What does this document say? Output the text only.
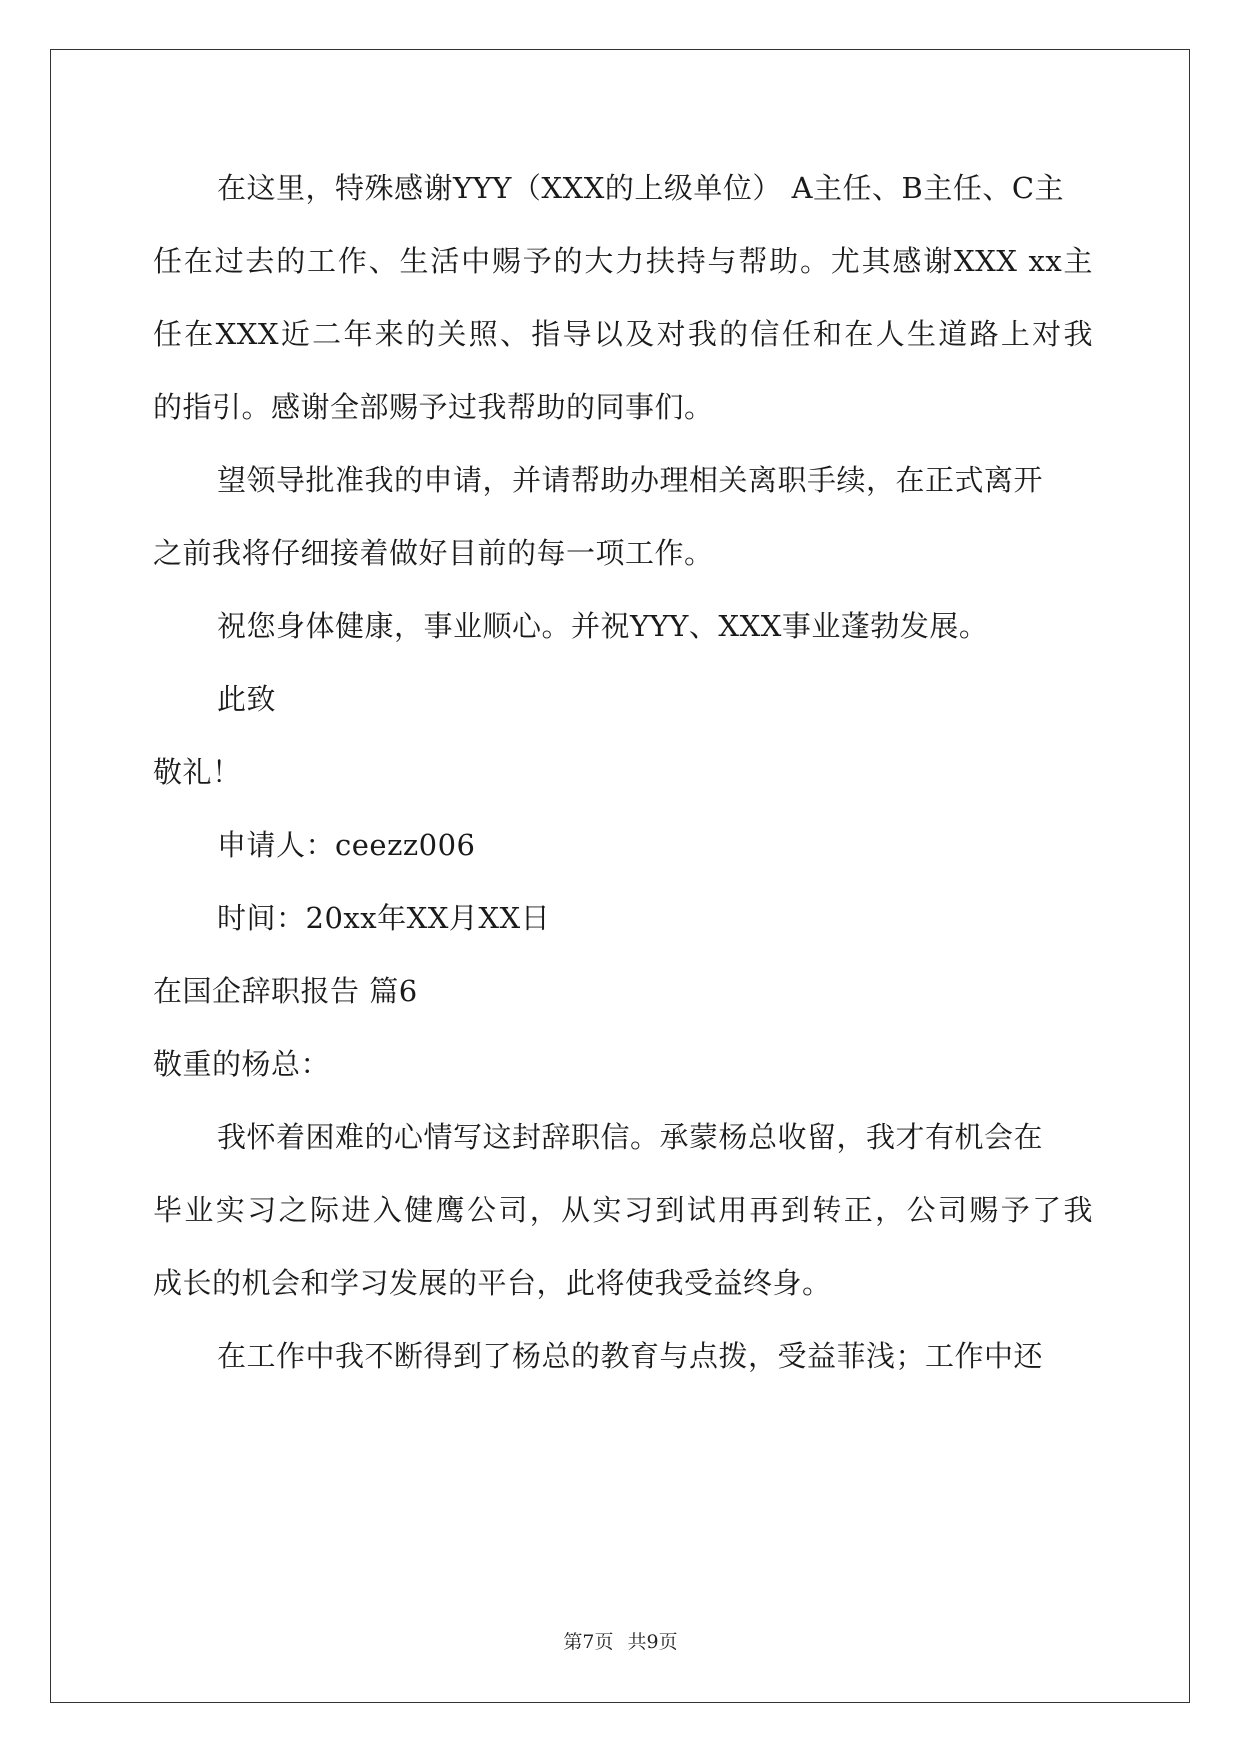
在这里，特殊感谢YYY（XXX的上级单位） A主任、B主任、C主
任在过去的工作、生活中赐予的大力扶持与帮助。尤其感谢XXX xx主
任在XXX近二年来的关照、指导以及对我的信任和在人生道路上对我
的指引。感谢全部赐予过我帮助的同事们。
望领导批准我的申请，并请帮助办理相关离职手续，在正式离开
之前我将仔细接着做好目前的每一项工作。
祝您身体健康，事业顺心。并祝YYY、XXX事业蓬勃发展。
此致
敬礼！
申请人：ceezz006
时间：20xx年XX月XX日
在国企辞职报告 篇6
敬重的杨总：
我怀着困难的心情写这封辞职信。承蒙杨总收留，我才有机会在
毕业实习之际进入健鹰公司，从实习到试用再到转正，公司赐予了我
成长的机会和学习发展的平台，此将使我受益终身。
在工作中我不断得到了杨总的教育与点拨，受益菲浅；工作中还
第7页 共9页
